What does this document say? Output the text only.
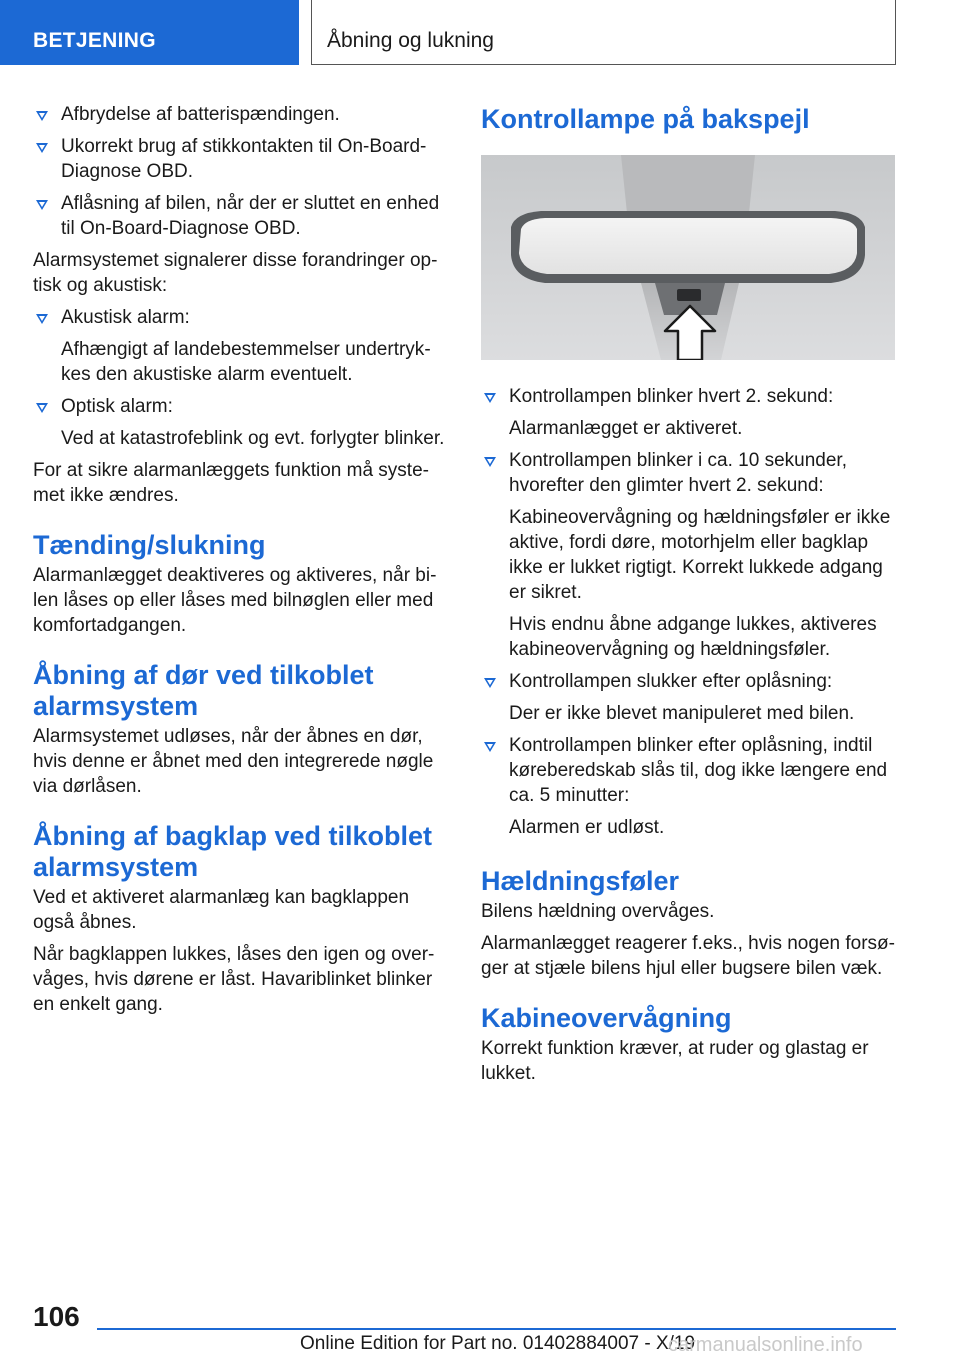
BETJENING	Åbning og lukning
Afbrydelse af batterispændingen.
Ukorrekt brug af stikkontakten til On-Board-Diagnose OBD.
Aflåsning af bilen, når der er sluttet en enhed til On-Board-Diagnose OBD.
Alarmsystemet signalerer disse forandringer optisk og akustisk:
Akustisk alarm:
Afhængigt af landebestemmelser undertrykkes den akustiske alarm eventuelt.
Optisk alarm:
Ved at katastrofeblink og evt. forlygter blinker.
For at sikre alarmanlæggets funktion må systemet ikke ændres.
Tænding/slukning
Alarmanlægget deaktiveres og aktiveres, når bilen låses op eller låses med bilnøglen eller med komfortadgangen.
Åbning af dør ved tilkoblet alarmsystem
Alarmsystemet udløses, når der åbnes en dør, hvis denne er åbnet med den integrerede nøgle via dørlåsen.
Åbning af bagklap ved tilkoblet alarmsystem
Ved et aktiveret alarmanlæg kan bagklappen også åbnes.
Når bagklappen lukkes, låses den igen og overvåges, hvis dørene er låst. Havariblinket blinker en enkelt gang.
Kontrollampe på bakspejl
Kontrollampen blinker hvert 2. sekund:
Alarmanlægget er aktiveret.
Kontrollampen blinker i ca. 10 sekunder, hvorefter den glimter hvert 2. sekund:
Kabineovervågning og hældningsføler er ikke aktive, fordi døre, motorhjelm eller bagklap ikke er lukket rigtigt. Korrekt lukkede adgang er sikret.
Hvis endnu åbne adgange lukkes, aktiveres kabineovervågning og hældningsføler.
Kontrollampen slukker efter oplåsning:
Der er ikke blevet manipuleret med bilen.
Kontrollampen blinker efter oplåsning, indtil køreberedskab slås til, dog ikke længere end ca. 5 minutter:
Alarmen er udløst.
Hældningsføler
Bilens hældning overvåges.
Alarmanlægget reagerer f.eks., hvis nogen forsøger at stjæle bilens hjul eller bugsere bilen væk.
Kabineovervågning
Korrekt funktion kræver, at ruder og glastag er lukket.
106
Online Edition for Part no. 01402884007 - X/19
carmanualsonline.info
